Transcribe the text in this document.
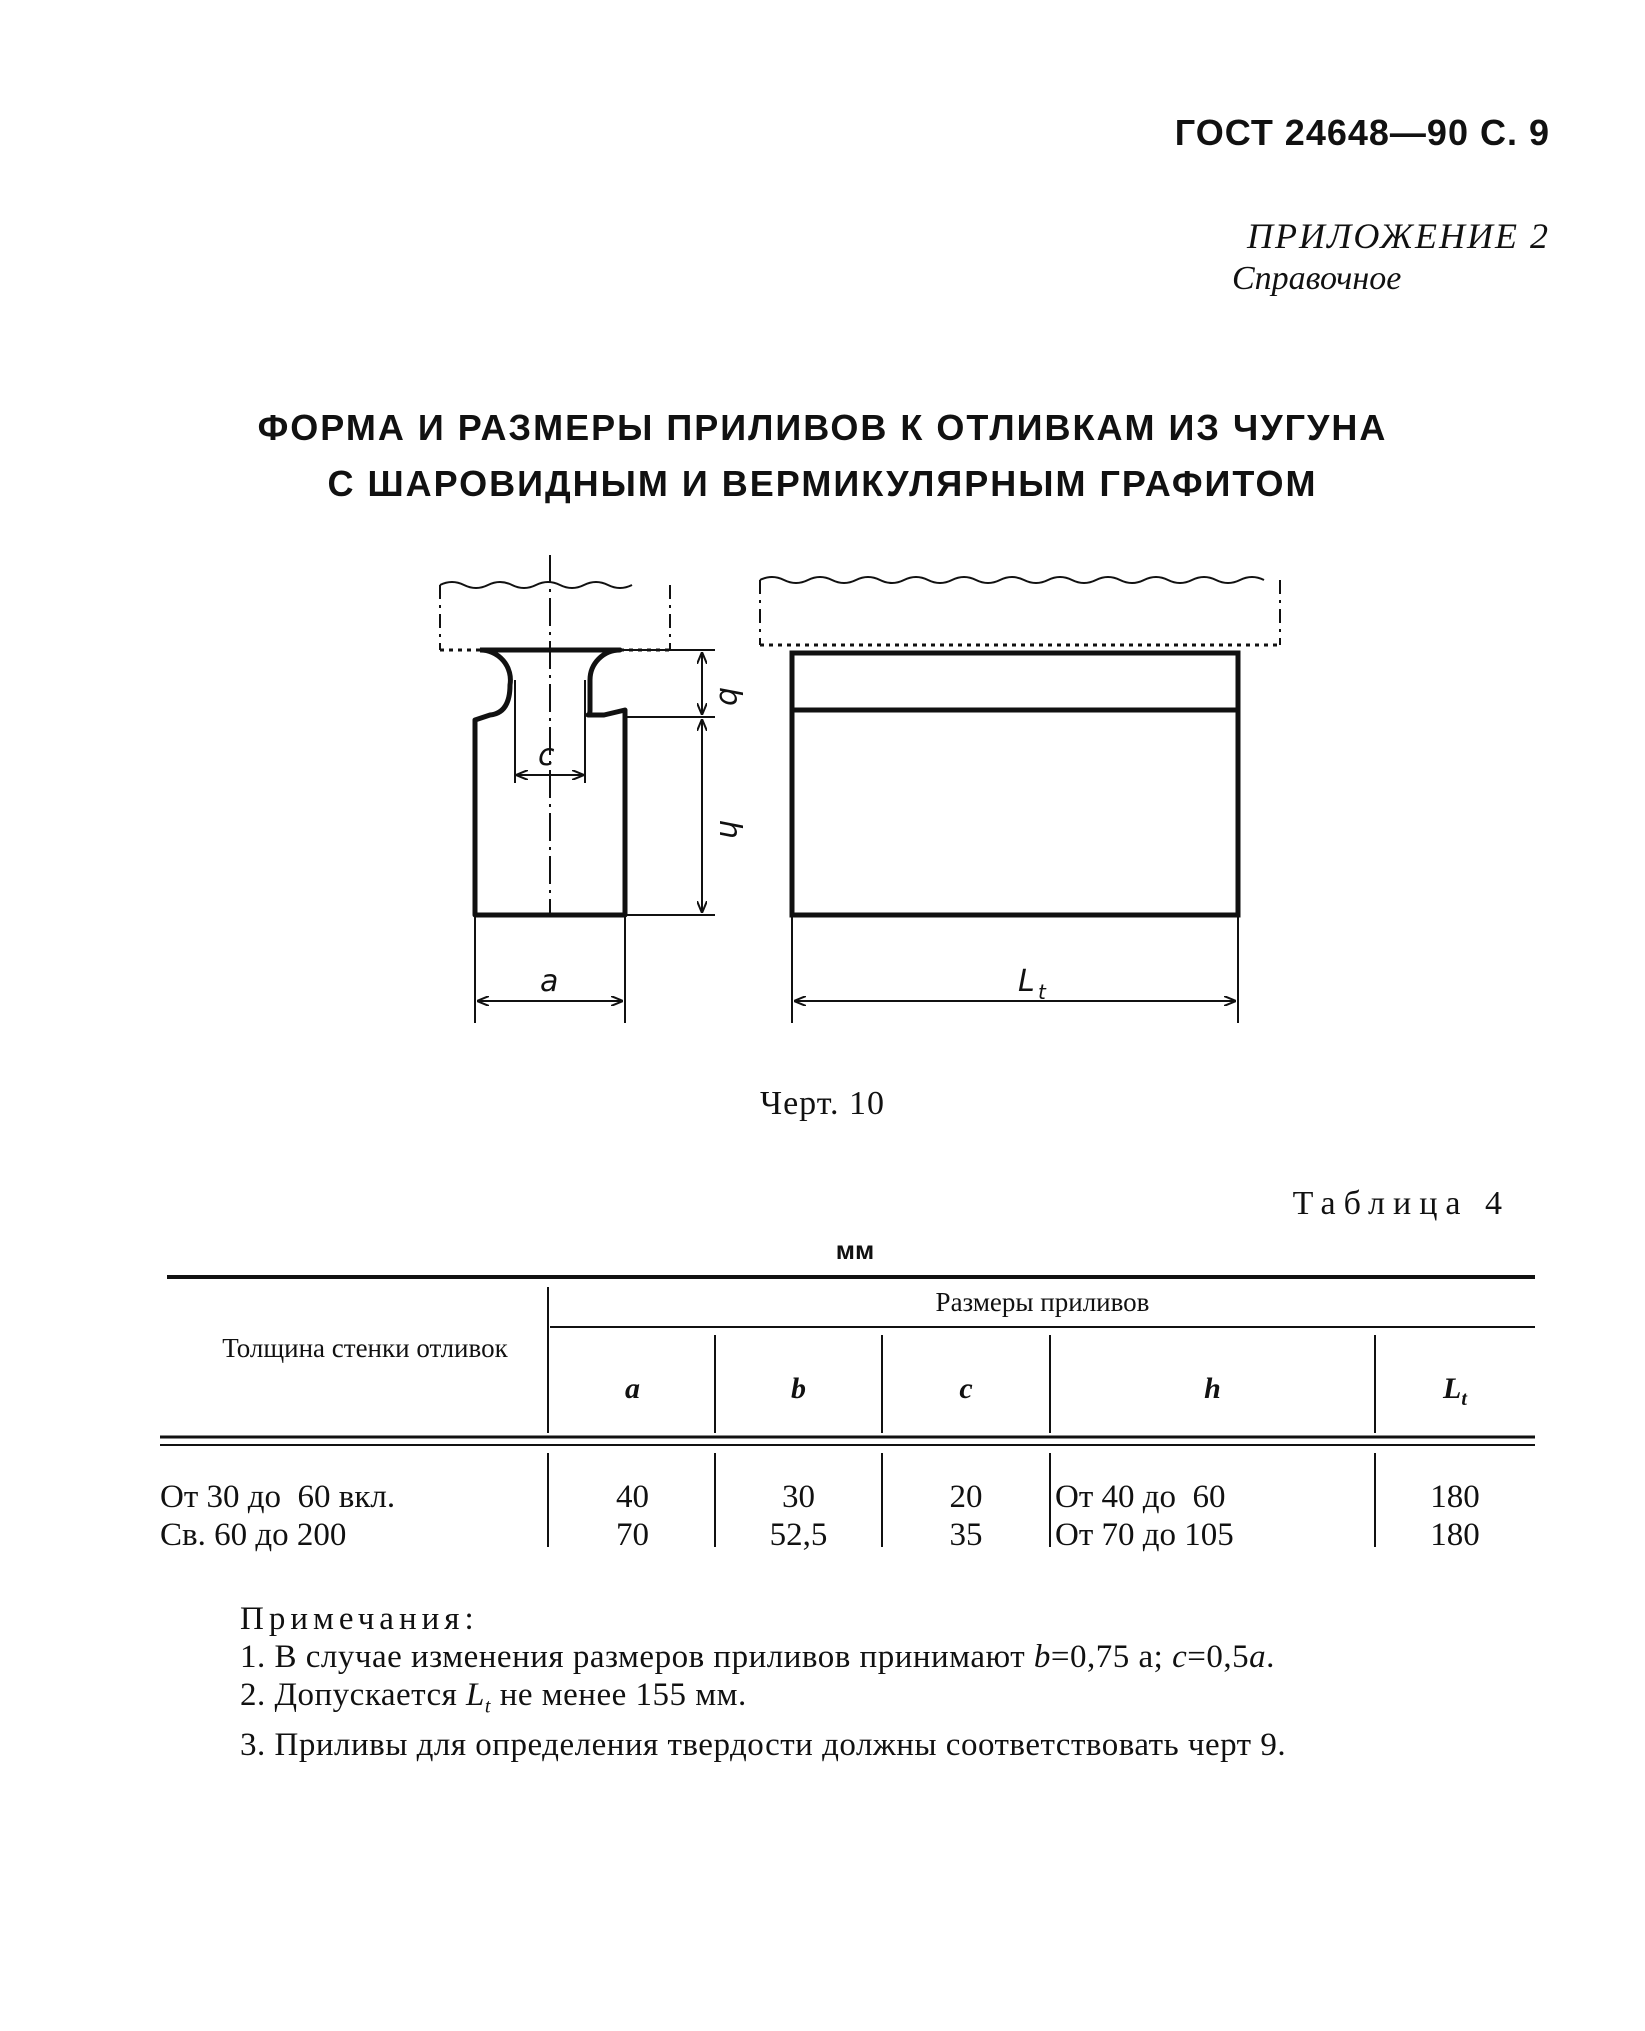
ГОСТ 24648—90 С. 9
ПРИЛОЖЕНИЕ 2
Справочное
ФОРМА И РАЗМЕРЫ ПРИЛИВОВ К ОТЛИВКАМ ИЗ ЧУГУНА
С ШАРОВИДНЫМ И ВЕРМИКУЛЯРНЫМ ГРАФИТОМ
c
b
h
a	L t
Черт. 10
Таблица 4
мм
Толщина стенки отливок
Размеры приливов
a	b	c	h	$L_t$
От 30 до  60 вкл.	40	30	20	От 40 до  60	180
Св. 60 до 200	70	52,5	35	От 70 до 105	180
Примечания:
1. В случае изменения размеров приливов принимают b=0,75 а; c=0,5a.
2. Допускается $L_t$ не менее 155 мм.
3. Приливы для определения твердости должны соответствовать черт 9.
